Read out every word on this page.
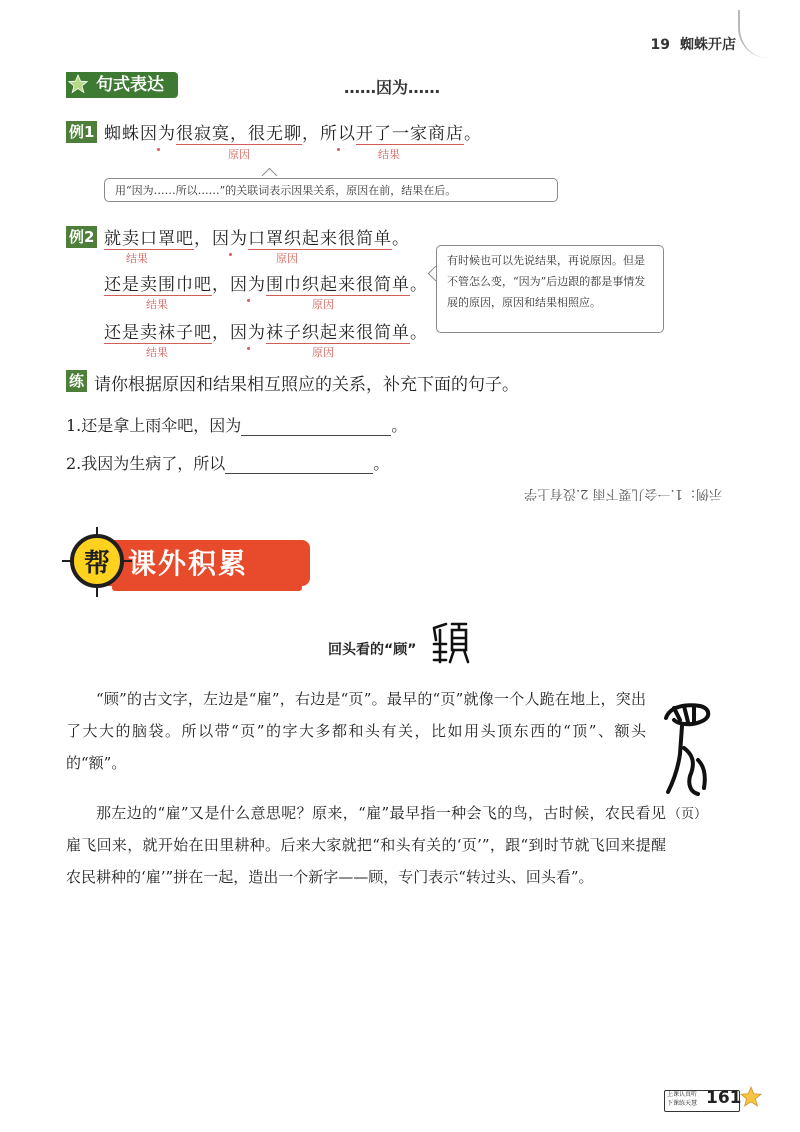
19 蜘蛛开店
句式表达	……因为……
例1 蜘蛛因为很寂寞，很无聊，所以开了一家商店。
原因	结果
用“因为……所以……”的关联词表示因果关系，原因在前，结果在后。
例2 就卖口罩吧，因为口罩织起来很简单。
结果	原因
还是卖围巾吧，因为围巾织起来很简单。
结果	原因
还是卖袜子吧，因为袜子织起来很简单。
结果	原因
有时候也可以先说结果，再说原因。但是不管怎么变，“因为”后边跟的都是事情发展的原因，原因和结果相照应。
练 请你根据原因和结果相互照应的关系，补充下面的句子。
1.还是拿上雨伞吧，因为	。
2.我因为生病了，所以	。
示例：1.一会儿要下雨 2.没有上学
帮 课外积累
回头看的“顾”
“顾”的古文字，左边是“雇”，右边是“页”。最早的“页”就像一个人跪在地上，突出了大大的脑袋。所以带“页”的字大多都和头有关，比如用头顶东西的“顶”、额头的“额”。
那左边的“雇”又是什么意思呢？原来，“雇”最早指一种会飞的鸟，古时候，农民看见雇飞回来，就开始在田里耕种。后来大家就把“和头有关的‘页’”，跟“到时节就飞回来提醒农民耕种的‘雇’”拼在一起，造出一个新字——顾，专门表示“转过头、回头看”。
（页）
上课认真听
下课练天慧 161
